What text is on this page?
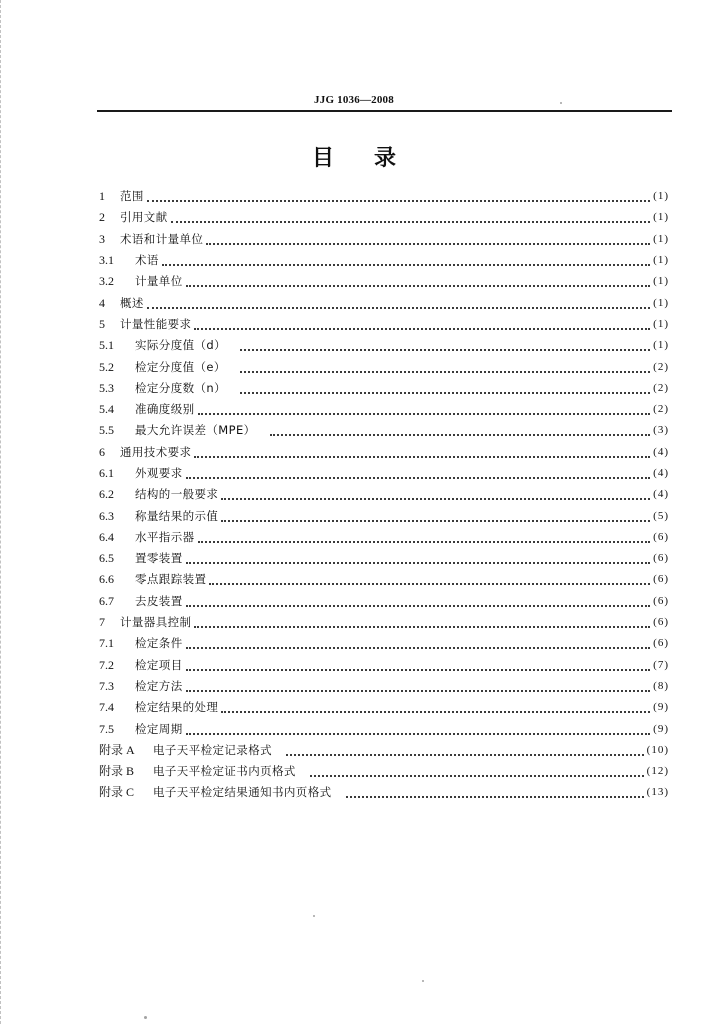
JJG 1036—2008
目录
1	范围	(1)
2	引用文献	(1)
3	术语和计量单位	(1)
3.1	术语	(1)
3.2	计量单位	(1)
4	概述	(1)
5	计量性能要求	(1)
5.1	实际分度值（d）	(1)
5.2	检定分度值（e）	(2)
5.3	检定分度数（n）	(2)
5.4	准确度级别	(2)
5.5	最大允许误差（MPE）	(3)
6	通用技术要求	(4)
6.1	外观要求	(4)
6.2	结构的一般要求	(4)
6.3	称量结果的示值	(5)
6.4	水平指示器	(6)
6.5	置零装置	(6)
6.6	零点跟踪装置	(6)
6.7	去皮装置	(6)
7	计量器具控制	(6)
7.1	检定条件	(6)
7.2	检定项目	(7)
7.3	检定方法	(8)
7.4	检定结果的处理	(9)
7.5	检定周期	(9)
附录 A	电子天平检定记录格式	(10)
附录 B	电子天平检定证书内页格式	(12)
附录 C	电子天平检定结果通知书内页格式	(13)
